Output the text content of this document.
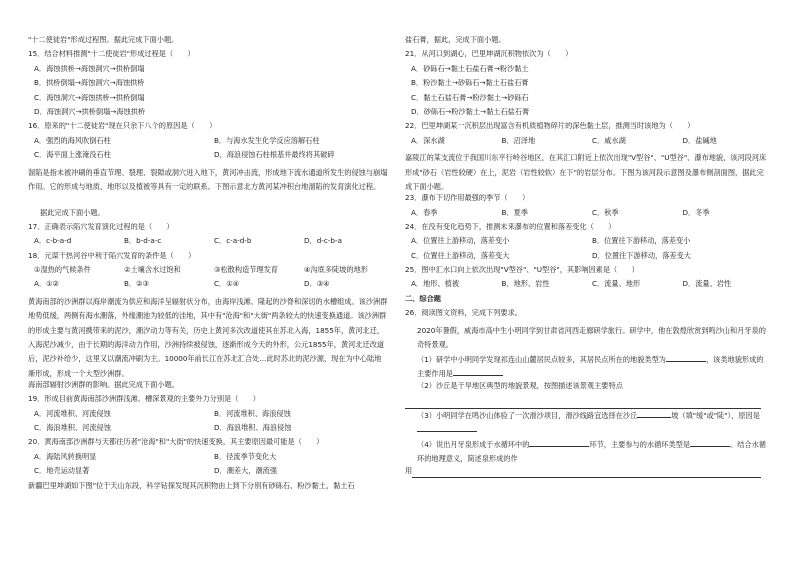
"十二使徒岩"形成过程图。据此完成下面小题。
15．结合材料推测"十二使徒岩"形成过程是（　　）
A．海蚀拱桥→海蚀洞穴→拱桥倒塌
B．拱桥倒塌→海蚀洞穴→海蚀拱桥
C．海蚀洞穴→海蚀拱桥→拱桥倒塌
D．海蚀洞穴→拱桥倒塌→海蚀拱桥
16．原来的"十二使徒岩"现在只余下八个的原因是（　　）
A．强烈的海风吹倒石柱	B．与海水发生化学反应溶解石柱
C．海平面上涨淹没石柱	D．海浪侵蚀石柱根基并最终将其破碎
溜陷是指未被冲刷的垂直节理、裂理、裂隙或洞穴进入地下，黄河冲击流，形成地下流水通道所发生的侵蚀与崩塌作用。它的形成与地质、地形以及植被等具有一定的联系。下图示意北方黄河某冲积台地溜陷的发育演化过程。
据此完成下面小题。
17．正确表示陷穴发育演化过程的是（　　）
A．c-b-a-d	B．b-d-a-c	C．c-a-d-b	D．d-c-b-a
18．元谋干热河谷中利于陷穴发育的条件是（　　）
①湿热的气候条件	②土壤含水过饱和	③松散构造节理发育	④沟底多陡坡的地形
A．①②	B．②③	C．①④	D．③④
黄海南部的沙洲群以海岸潮流为供应和海洋呈辐射状分布，由海岸浅滩、隆起的沙脊和深切的水槽组成。该沙洲群地势低缓，两侧有海水潮落，外缘潮池为较低的洼地，其中有"沧海"和"大街"两条较大的快速变换通道。该沙洲群的形成主要与黄河携带来的泥沙，潮汐动力等有关，历史上黄河多次改道使其在苏北入海，1855年，黄河北迁，入海泥沙减少，由于长期的海洋动力作用，沙洲持续被侵蚀，逐渐形成今天的外形，公元1855年，黄河北迁改道后，泥沙补给少，这里又以潮流冲刷为主。10000年前长江在苏北汇合处…此时苏北的泥沙源，现在为中心陆地渐形成，形成一个大型沙洲群。
海南部辐射沙洲群的影响。据此完成下面小题。
19．形成目前黄海南部沙洲群浅滩、槽深景观的主要外力分别是（　　）
A．河流堆积、河流侵蚀	B．河流堆积、海浪侵蚀
C．海浪堆积、河流侵蚀	D．海浪堆积、海浪侵蚀
20．黄海南部沙洲群与天都往历者"沧海"和"大街"的快速变换，其主要原因最可能是（　　）
A．海陆风转换明显	B．径流季节变化大
C．地壳运动显著	D．潮差大，潮流强
新疆巴里坤湖如下图"位于天山东段，科学钻探发现其沉积物由上到下分别有砂砾石、粉沙黏土，黏土石
盐石膏，据此，完成下面小题。
21．从河口到湖心，巴里坤湖沉积物依次为（　　）
A．砂砾石→黏土石盐石膏→粉沙黏土
B．粉沙黏土→砂砾石→黏土石盐石膏
C．黏土石盐石膏→粉沙黏土→砂砾石
D．砂砾石→粉沙黏土→黏土石盐石膏
22．巴里坤湖某一沉积层出现富含有机质植物碎片的深色黏土层，推测当时该地为（　　）
A．深水湖	B．沼泽地	C．咸水湖	D．盐碱地
嘉陵江的某支流位于我国川东平行岭谷地区，在其汇口附近上依次出现"V型谷"、"U型谷"、瀑布地貌，该河段河床形成"砂石（岩性较硬）在上，泥岩（岩性较软）在下"的岩层分布。下图为该河段示意图及瀑布侧剖面图，据此完成下面小题。
23．瀑布下切作用最强的季节（　　）
A．春季	B．夏季	C．秋季	D．冬季
24．在没有变化趋势下，推测未来瀑布的位置和落差变化（　　）
A．位置往上游移动，落差变小	B．位置往下游移动，落差变小
C．位置往上游移动，落差变大	D．位置往下游移动，落差变大
25．图中汇水口向上依次出现"V型谷"、"U型谷"，其影响因素是（　　）
A．地形、植被	B．地形、岩性	C．流量、地形	D．流量、岩性
二、综合题
26．阅读图文资料，完成下列要求。
2020年暑假，威海市高中生小明同学到甘肃省河西走廊研学旅行。研学中，他在敦煌欣赏到鸣沙山和月牙泉的奇特景观。
（1）研学中小明同学发现祁连山山麓居民点较多，其居民点所在的地貌类型为	，该类地貌形成的主要作用是
（2）沙丘是干旱地区典型的地貌景观，按图描述该景观主要特点
（3）小明同学在鸣沙山体验了一次滑沙项目，滑沙线路宜选择在沙丘	坡（填"缓"或"陡"），原因是
（4）说出月牙泉形成于水循环中的	环节，主要参与的水循环类型是	。结合水循环的地理意义，简述泉形成的作
用
